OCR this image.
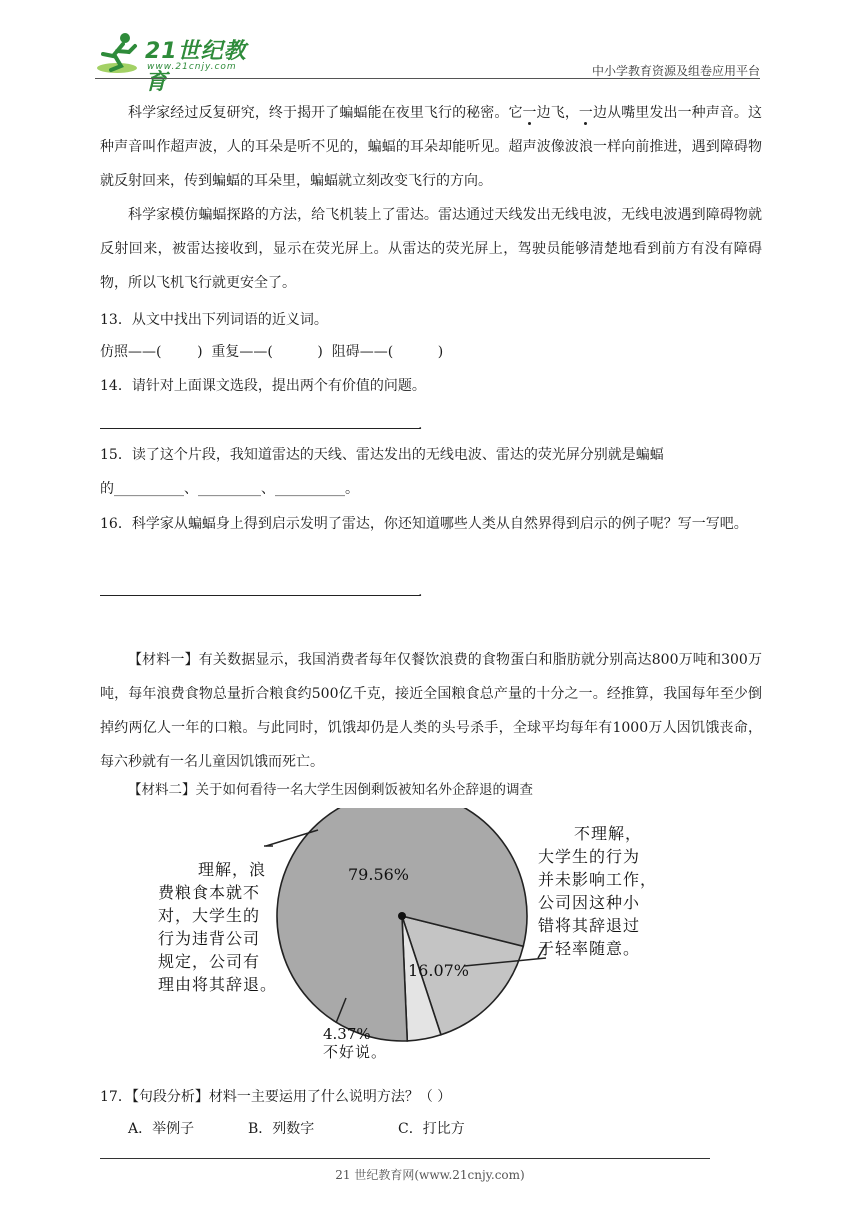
21世纪教育
www.21cnjy.com	中小学教育资源及组卷应用平台
科学家经过反复研究，终于揭开了蝙蝠能在夜里飞行的秘密。它一边飞，一边从嘴里发出一种声音。这种声音叫作超声波，人的耳朵是听不见的，蝙蝠的耳朵却能听见。超声波像波浪一样向前推进，遇到障碍物就反射回来，传到蝙蝠的耳朵里，蝙蝠就立刻改变飞行的方向。
科学家模仿蝙蝠探路的方法，给飞机装上了雷达。雷达通过天线发出无线电波，无线电波遇到障碍物就反射回来，被雷达接收到，显示在荧光屏上。从雷达的荧光屏上，驾驶员能够清楚地看到前方有没有障碍物，所以飞机飞行就更安全了。
13．从文中找出下列词语的近义词。
仿照——(        )  重复——(          )  阻碍——(          )
14．请针对上面课文选段，提出两个有价值的问题。
.
15．读了这个片段，我知道雷达的天线、雷达发出的无线电波、雷达的荧光屏分别就是蝙蝠
的__________、_________、__________。
16．科学家从蝙蝠身上得到启示发明了雷达，你还知道哪些人类从自然界得到启示的例子呢？写一写吧。
.
【材料一】有关数据显示，我国消费者每年仅餐饮浪费的食物蛋白和脂肪就分别高达800万吨和300万吨，每年浪费食物总量折合粮食约500亿千克，接近全国粮食总产量的十分之一。经推算，我国每年至少倒掉约两亿人一年的口粮。与此同时，饥饿却仍是人类的头号杀手，全球平均每年有1000万人因饥饿丧命，每六秒就有一名儿童因饥饿而死亡。
【材料二】关于如何看待一名大学生因倒剩饭被知名外企辞退的调查
79.56%
16.07%
4.37%
理解，浪
费粮食本就不
对，大学生的
行为违背公司
规定，公司有
理由将其辞退。
不理解，
大学生的行为
并未影响工作，
公司因这种小
错将其辞退过
于轻率随意。
不好说。
17．【句段分析】材料一主要运用了什么说明方法？（ ）
A．举例子	B．列数字	C．打比方
21 世纪教育网(www.21cnjy.com)
